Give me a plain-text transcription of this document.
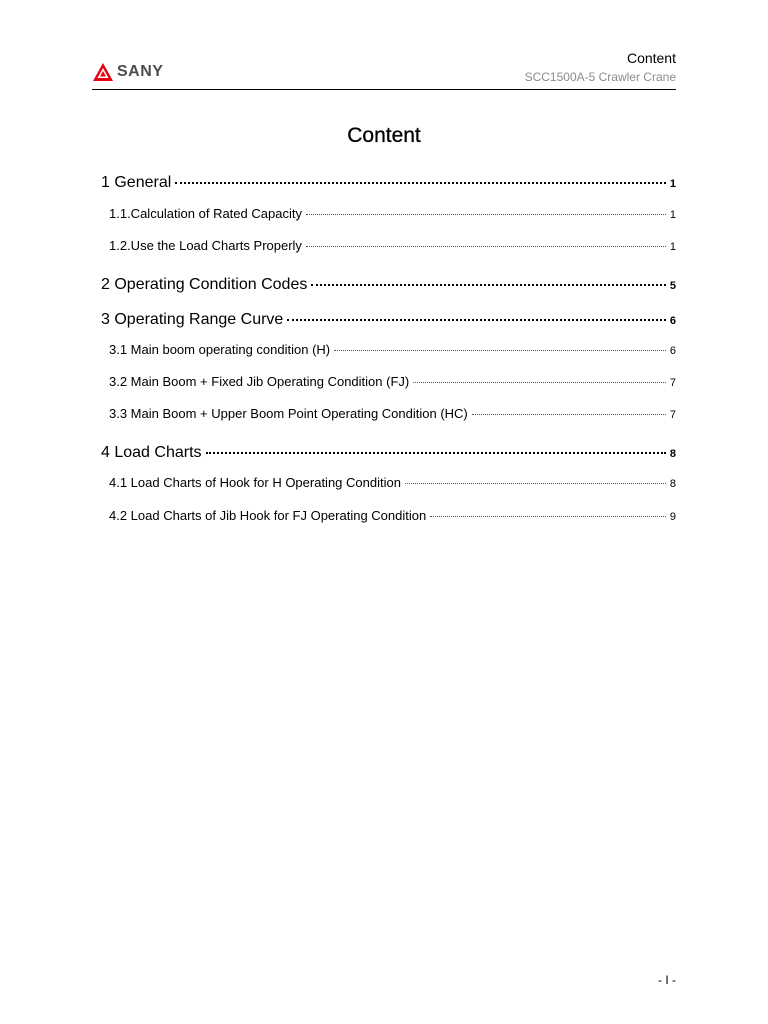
SANY
Content
SCC1500A-5 Crawler Crane
Content
1 General	1
1.1.Calculation of Rated Capacity	1
1.2.Use the Load Charts Properly	1
2 Operating Condition Codes	5
3 Operating Range Curve	6
3.1 Main boom operating condition (H)	6
3.2 Main Boom + Fixed Jib Operating Condition (FJ)	7
3.3 Main Boom + Upper Boom Point Operating Condition (HC)	7
4 Load Charts	8
4.1 Load Charts of Hook for H Operating Condition	8
4.2 Load Charts of Jib Hook for FJ Operating Condition	9
- I -
